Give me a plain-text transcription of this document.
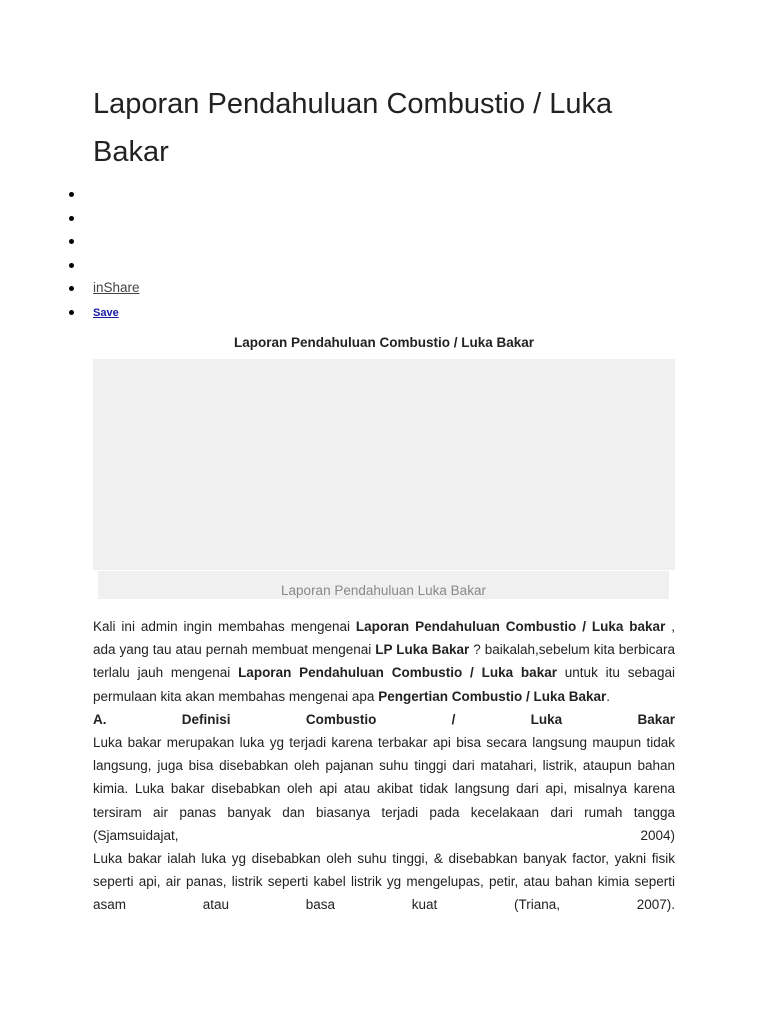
Laporan Pendahuluan Combustio / Luka Bakar
inShare
Save
Laporan Pendahuluan Combustio / Luka Bakar
Laporan Pendahuluan Luka Bakar

Kali ini admin ingin membahas mengenai Laporan Pendahuluan Combustio / Luka bakar , ada yang tau atau pernah membuat mengenai LP Luka Bakar ? baikalah,sebelum kita berbicara terlalu jauh mengenai Laporan Pendahuluan Combustio / Luka bakar untuk itu sebagai permulaan kita akan membahas mengenai apa Pengertian Combustio / Luka Bakar.

A. Definisi Combustio / Luka Bakar

Luka bakar merupakan luka yg terjadi karena terbakar api bisa secara langsung maupun tidak langsung, juga bisa disebabkan oleh pajanan suhu tinggi dari matahari, listrik, ataupun bahan kimia. Luka bakar disebabkan oleh api atau akibat tidak langsung dari api, misalnya karena tersiram air panas banyak dan biasanya terjadi pada kecelakaan dari rumah tangga (Sjamsuidajat, 2004)

Luka bakar ialah luka yg disebabkan oleh suhu tinggi, & disebabkan banyak factor, yakni fisik seperti api, air panas, listrik seperti kabel listrik yg mengelupas, petir, atau bahan kimia seperti asam atau basa kuat (Triana, 2007).
